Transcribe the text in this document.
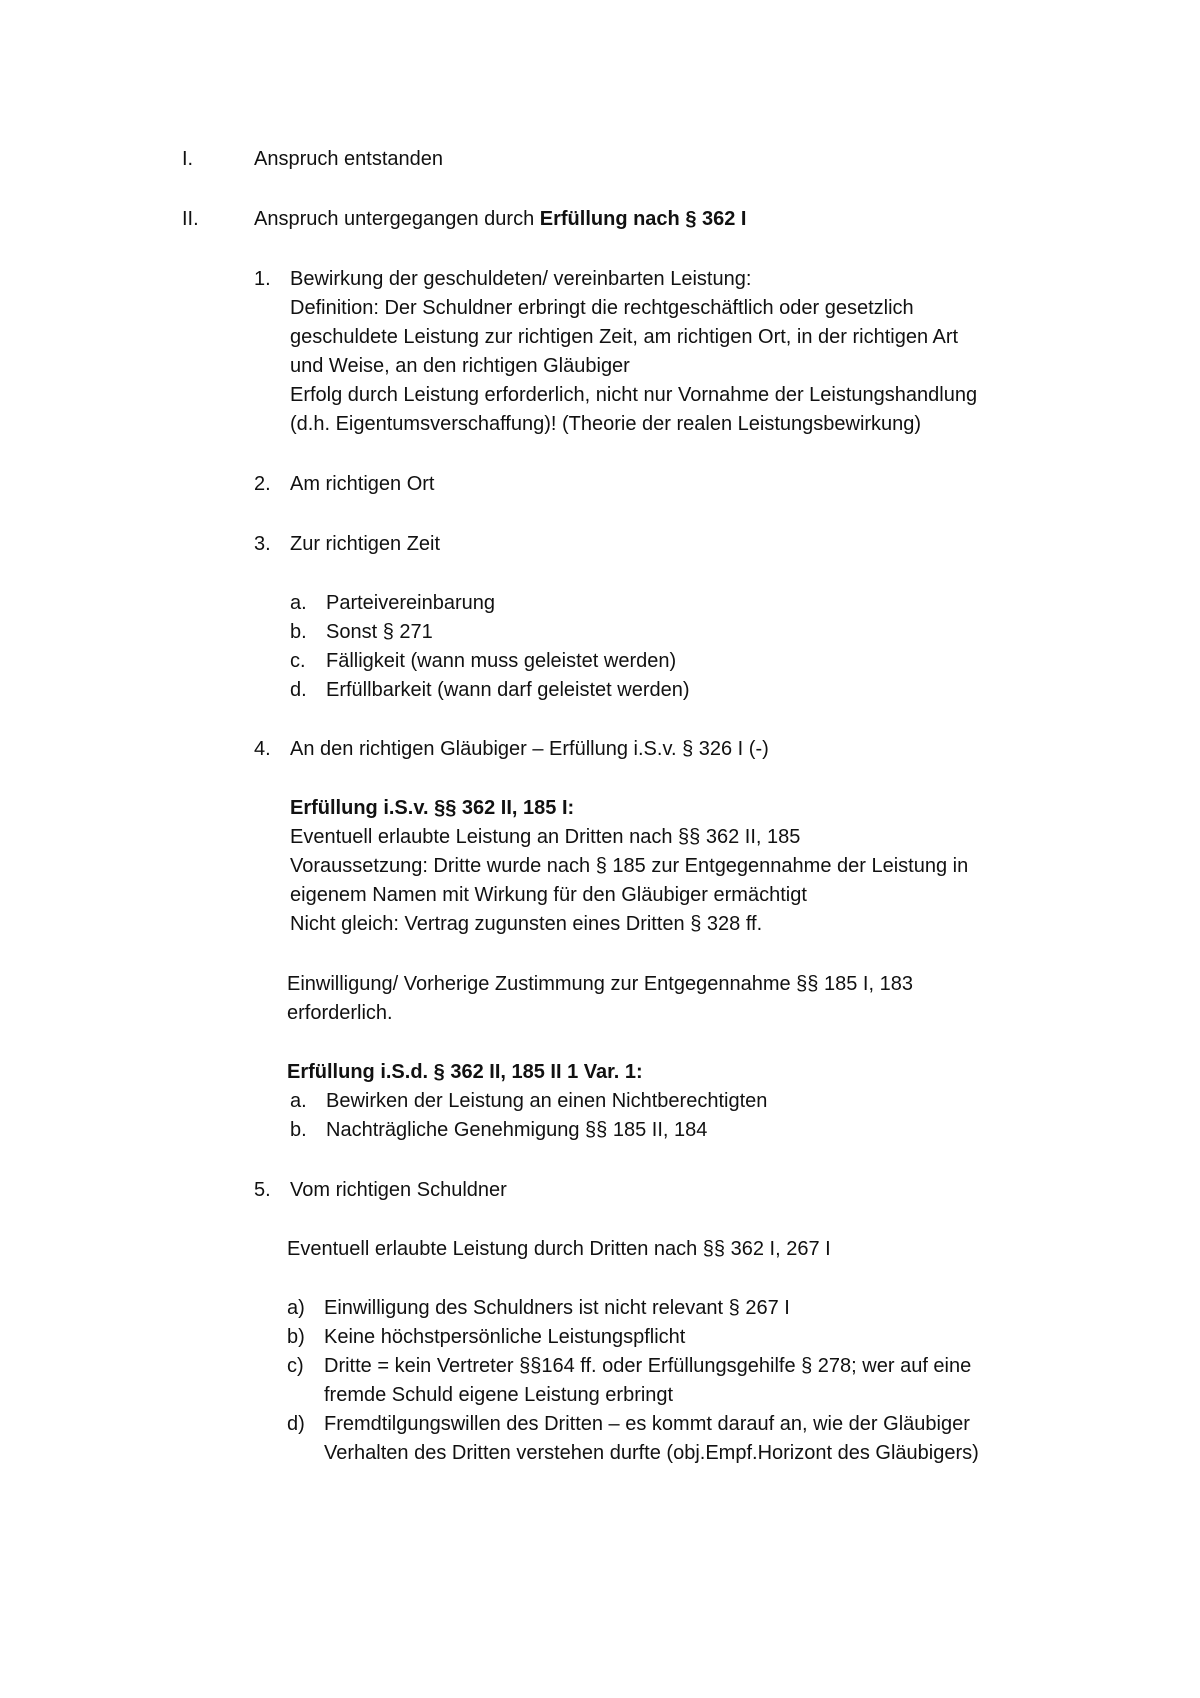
I.	Anspruch entstanden
II.	Anspruch untergegangen durch Erfüllung nach § 362 I
1. Bewirkung der geschuldeten/ vereinbarten Leistung:
Definition: Der Schuldner erbringt die rechtgeschäftlich oder gesetzlich
geschuldete Leistung zur richtigen Zeit, am richtigen Ort, in der richtigen Art
und Weise, an den richtigen Gläubiger
Erfolg durch Leistung erforderlich, nicht nur Vornahme der Leistungshandlung
(d.h. Eigentumsverschaffung)! (Theorie der realen Leistungsbewirkung)
2. Am richtigen Ort
3. Zur richtigen Zeit
a. Parteivereinbarung
b. Sonst § 271
c. Fälligkeit (wann muss geleistet werden)
d. Erfüllbarkeit (wann darf geleistet werden)
4. An den richtigen Gläubiger – Erfüllung i.S.v. § 326 I (-)
Erfüllung i.S.v. §§ 362 II, 185 I:
Eventuell erlaubte Leistung an Dritten nach §§ 362 II, 185
Voraussetzung: Dritte wurde nach § 185 zur Entgegennahme der Leistung in
eigenem Namen mit Wirkung für den Gläubiger ermächtigt
Nicht gleich: Vertrag zugunsten eines Dritten § 328 ff.
Einwilligung/ Vorherige Zustimmung zur Entgegennahme §§ 185 I, 183
erforderlich.
Erfüllung i.S.d. § 362 II, 185 II 1 Var. 1:
a. Bewirken der Leistung an einen Nichtberechtigten
b. Nachträgliche Genehmigung §§ 185 II, 184
5. Vom richtigen Schuldner
Eventuell erlaubte Leistung durch Dritten nach §§ 362 I, 267 I
a) Einwilligung des Schuldners ist nicht relevant § 267 I
b) Keine höchstpersönliche Leistungspflicht
c) Dritte = kein Vertreter §§164 ff. oder Erfüllungsgehilfe § 278; wer auf eine
fremde Schuld eigene Leistung erbringt
d) Fremdtilgungswillen des Dritten – es kommt darauf an, wie der Gläubiger
Verhalten des Dritten verstehen durfte (obj.Empf.Horizont des Gläubigers)
